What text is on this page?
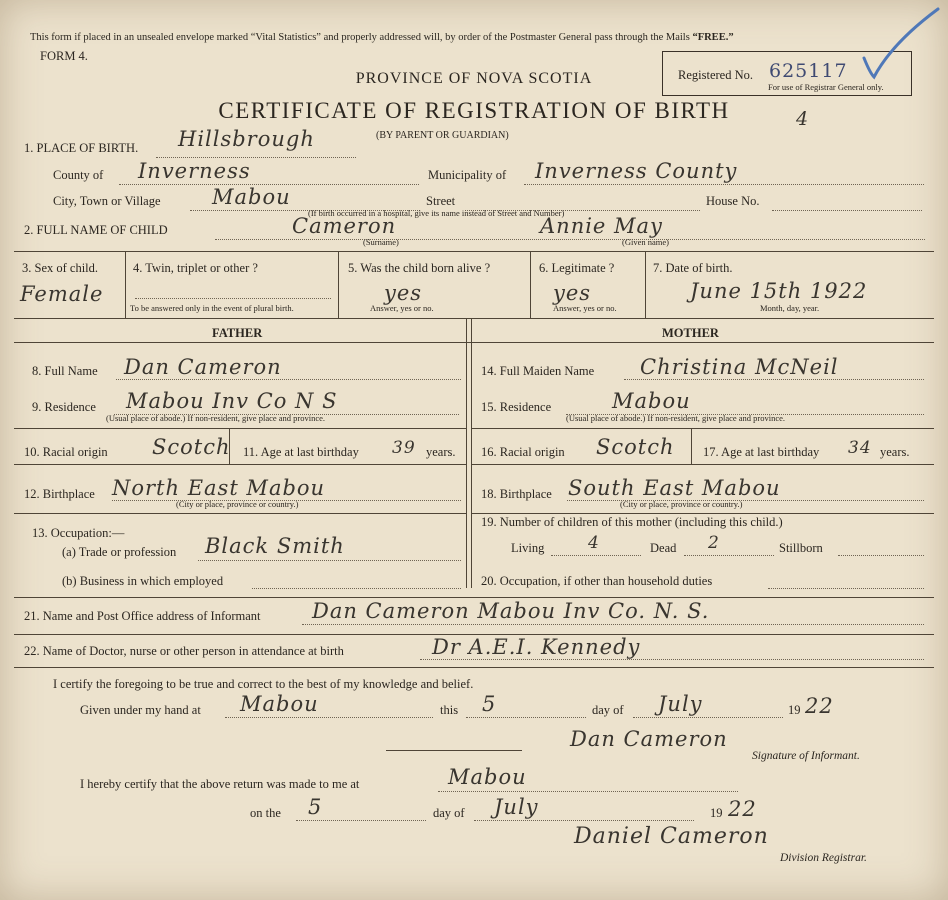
This form if placed in an unsealed envelope marked “Vital Statistics” and properly addressed will, by order of the Postmaster General pass through the Mails “FREE.”
FORM 4.
PROVINCE OF NOVA SCOTIA
CERTIFICATE OF REGISTRATION OF BIRTH
(BY PARENT OR GUARDIAN)
Registered No. 625117
For use of Registrar General only.
4
1. PLACE OF BIRTH. Hillsbrough
County of Inverness	Municipality of Inverness County
City, Town or Village Mabou	Street	House No.
(If birth occurred in a hospital, give its name instead of Street and Number)
2. FULL NAME OF CHILD	Cameron
(Surname)
Annie May
(Given name)
3. Sex of child.
Female
4. Twin, triplet or other ?
To be answered only in the event of plural birth.
5. Was the child born alive ?
yes
Answer, yes or no.
6. Legitimate ?
yes
Answer, yes or no.
7. Date of birth.
June 15th 1922
Month, day, year.
FATHER	MOTHER
8. Full Name Dan Cameron
9. Residence Mabou Inv Co N S
(Usual place of abode.) If non-resident, give place and province.
10. Racial origin Scotch 11. Age at last birthday 39 years.
12. Birthplace North East Mabou
(City or place, province or country.)
13. Occupation:—
(a) Trade or profession Black Smith
(b) Business in which employed
14. Full Maiden Name Christina McNeil
15. Residence	Mabou
(Usual place of abode.) If non-resident, give place and province.
16. Racial origin Scotch 17. Age at last birthday 34 years.
18. Birthplace South East Mabou
(City or place, province or country.)
19. Number of children of this mother (including this child.)
Living	4	Dead 2	Stillborn
20. Occupation, if other than household duties
21. Name and Post Office address of Informant Dan Cameron Mabou Inv Co. N. S.
22. Name of Doctor, nurse or other person in attendance at birth	Dr A.E.I. Kennedy
I certify the foregoing to be true and correct to the best of my knowledge and belief.
Given under my hand at Mabou	this 5	day of July	19 22
Dan Cameron
Signature of Informant.
I hereby certify that the above return was made to me at	Mabou
on the 5	day of July	19 22
Daniel Cameron
Division Registrar.
